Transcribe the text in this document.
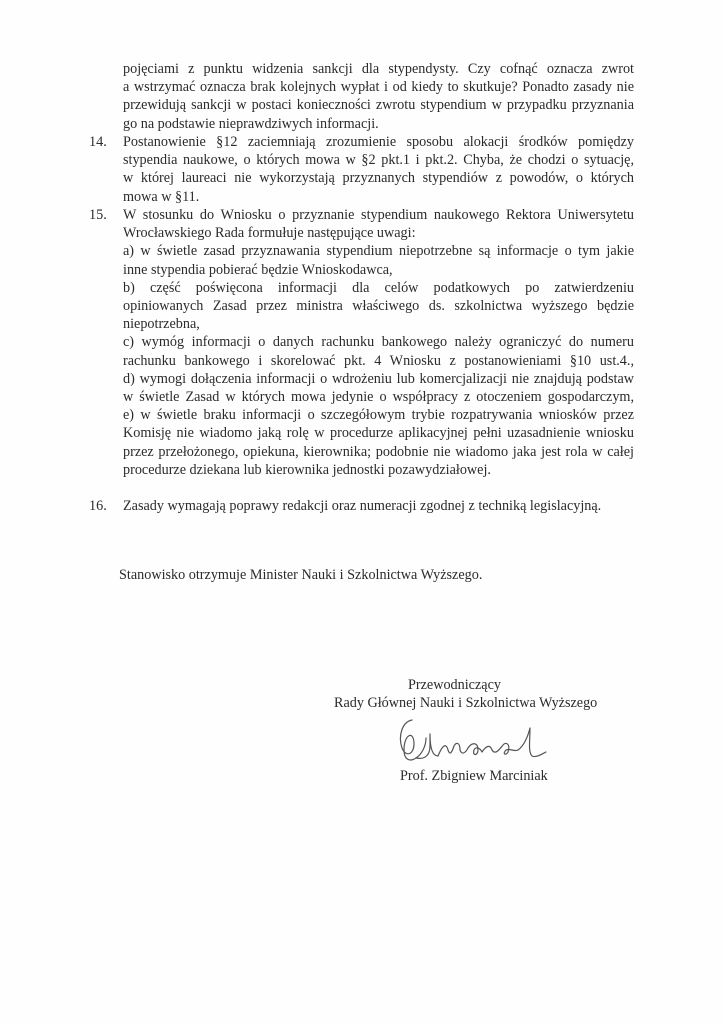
pojęciami z punktu widzenia sankcji dla stypendysty. Czy cofnąć oznacza zwrot
a wstrzymać oznacza brak kolejnych wypłat i od kiedy to skutkuje? Ponadto zasady nie
przewidują sankcji w postaci konieczności zwrotu stypendium w przypadku przyznania
go na podstawie nieprawdziwych informacji.
14. Postanowienie §12 zaciemniają zrozumienie sposobu alokacji środków pomiędzy
stypendia naukowe, o których mowa w §2 pkt.1 i pkt.2. Chyba, że chodzi o sytuację,
w której laureaci nie wykorzystają przyznanych stypendiów z powodów, o których
mowa w §11.
15. W stosunku do Wniosku o przyznanie stypendium naukowego Rektora Uniwersytetu
Wrocławskiego Rada formułuje następujące uwagi:
a) w świetle zasad przyznawania stypendium niepotrzebne są informacje o tym jakie
inne stypendia pobierać będzie Wnioskodawca,
b) część poświęcona informacji dla celów podatkowych po zatwierdzeniu
opiniowanych Zasad przez ministra właściwego ds. szkolnictwa wyższego będzie
niepotrzebna,
c) wymóg informacji o danych rachunku bankowego należy ograniczyć do numeru
rachunku bankowego i skorelować pkt. 4 Wniosku z postanowieniami §10 ust.4.,
d) wymogi dołączenia informacji o wdrożeniu lub komercjalizacji nie znajdują podstaw
w świetle Zasad w których mowa jedynie o współpracy z otoczeniem gospodarczym,
e) w świetle braku informacji o szczegółowym trybie rozpatrywania wniosków przez
Komisję nie wiadomo jaką rolę w procedurze aplikacyjnej pełni uzasadnienie wniosku
przez przełożonego, opiekuna, kierownika; podobnie nie wiadomo jaka jest rola w całej
procedurze dziekana lub kierownika jednostki pozawydziałowej.
16. Zasady wymagają poprawy redakcji oraz numeracji zgodnej z techniką legislacyjną.
Stanowisko otrzymuje Minister Nauki i Szkolnictwa Wyższego.
Przewodniczący
Rady Głównej Nauki i Szkolnictwa Wyższego
Prof. Zbigniew Marciniak
